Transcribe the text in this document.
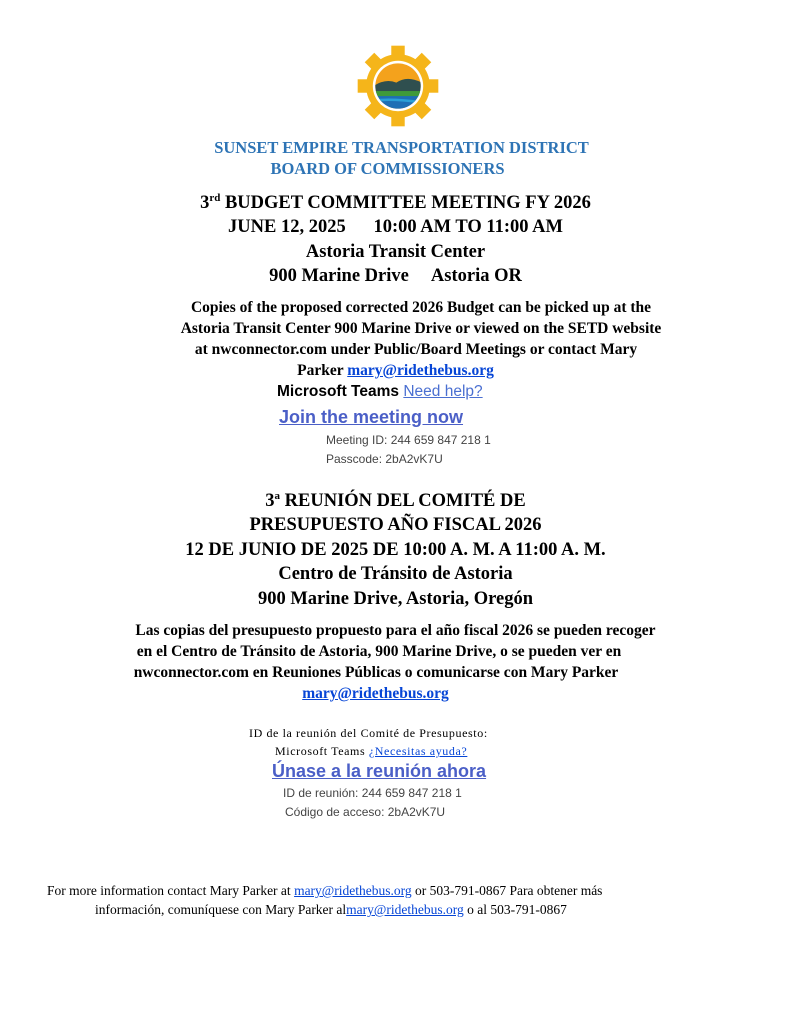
SUNSET EMPIRE TRANSPORTATION DISTRICT
BOARD OF COMMISSIONERS
3rd BUDGET COMMITTEE MEETING FY 2026
JUNE 12, 2025      10:00 AM TO 11:00 AM
Astoria Transit Center
900 Marine Drive     Astoria OR
Copies of the proposed corrected 2026 Budget can be picked up at the
Astoria Transit Center 900 Marine Drive or viewed on the SETD website
at nwconnector.com under Public/Board Meetings or contact Mary
Parker mary@ridethebus.org
Microsoft Teams Need help?
Join the meeting now
Meeting ID: 244 659 847 218 1
Passcode: 2bA2vK7U
3$^a$ REUNIÓN DEL COMITÉ DE
PRESUPUESTO AÑO FISCAL 2026
12 DE JUNIO DE 2025 DE 10:00 A. M. A 11:00 A. M.
Centro de Tránsito de Astoria
900 Marine Drive, Astoria, Oregón
Las copias del presupuesto propuesto para el año fiscal 2026 se pueden recoger
en el Centro de Tránsito de Astoria, 900 Marine Drive, o se pueden ver en
nwconnector.com en Reuniones Públicas o comunicarse con Mary Parker
mary@ridethebus.org
ID de la reunión del Comité de Presupuesto:
Microsoft Teams ¿Necesitas ayuda?
Únase a la reunión ahora
ID de reunión: 244 659 847 218 1
Código de acceso: 2bA2vK7U
For more information contact Mary Parker at mary@ridethebus.org or 503-791-0867 Para obtener más
información, comuníquese con Mary Parker almary@ridethebus.org o al 503-791-0867
